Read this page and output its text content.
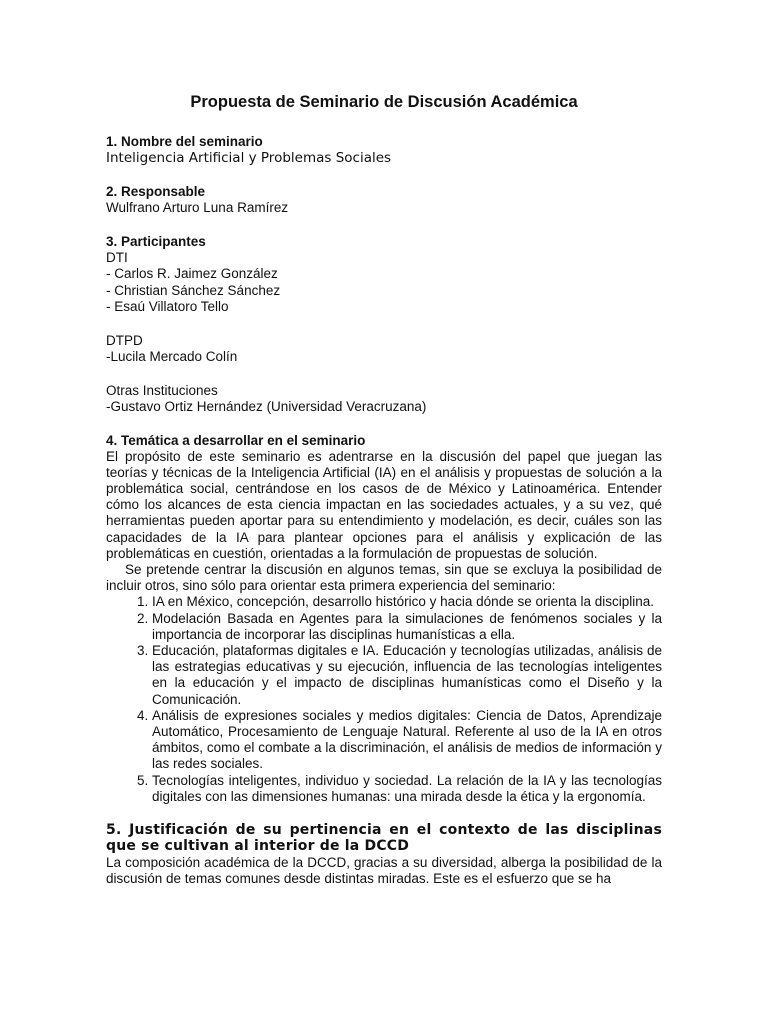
Propuesta de Seminario de Discusión Académica
1. Nombre del seminario
Inteligencia Artificial y Problemas Sociales
2. Responsable
Wulfrano Arturo Luna Ramírez
3. Participantes
DTI
- Carlos R. Jaimez González
- Christian Sánchez Sánchez
- Esaú Villatoro Tello
DTPD
-Lucila Mercado Colín
Otras Instituciones
-Gustavo Ortiz Hernández (Universidad Veracruzana)
4. Temática a desarrollar en el seminario

El propósito de este seminario es adentrarse en la discusión del papel que juegan las teorías y técnicas de la Inteligencia Artificial (IA) en el análisis y propuestas de solución a la problemática social, centrándose en los casos de de México y Latinoamérica. Entender cómo los alcances de esta ciencia impactan en las sociedades actuales, y a su vez, qué herramientas pueden aportar para su entendimiento y modelación, es decir, cuáles son las capacidades de la IA para plantear opciones para el análisis y explicación de las problemáticas en cuestión, orientadas a la formulación de propuestas de solución.

Se pretende centrar la discusión en algunos temas, sin que se excluya la posibilidad de incluir otros, sino sólo para orientar esta primera experiencia del seminario:

1. IA en México, concepción, desarrollo histórico y hacia dónde se orienta la disciplina.
2. Modelación Basada en Agentes para la simulaciones de fenómenos sociales y la importancia de incorporar las disciplinas humanísticas a ella.
3. Educación, plataformas digitales e IA. Educación y tecnologías utilizadas, análisis de las estrategias educativas y su ejecución, influencia de las tecnologías inteligentes en la educación y el impacto de disciplinas humanísticas como el Diseño y la Comunicación.
4. Análisis de expresiones sociales y medios digitales: Ciencia de Datos, Aprendizaje Automático, Procesamiento de Lenguaje Natural. Referente al uso de la IA en otros ámbitos, como el combate a la discriminación, el análisis de medios de información y las redes sociales.
5. Tecnologías inteligentes, individuo y sociedad. La relación de la IA y las tecnologías digitales con las dimensiones humanas: una mirada desde la ética y la ergonomía.
5. Justificación de su pertinencia en el contexto de las disciplinas que se cultivan al interior de la DCCD

La composición académica de la DCCD, gracias a su diversidad, alberga la posibilidad de la discusión de temas comunes desde distintas miradas. Este es el esfuerzo que se ha
